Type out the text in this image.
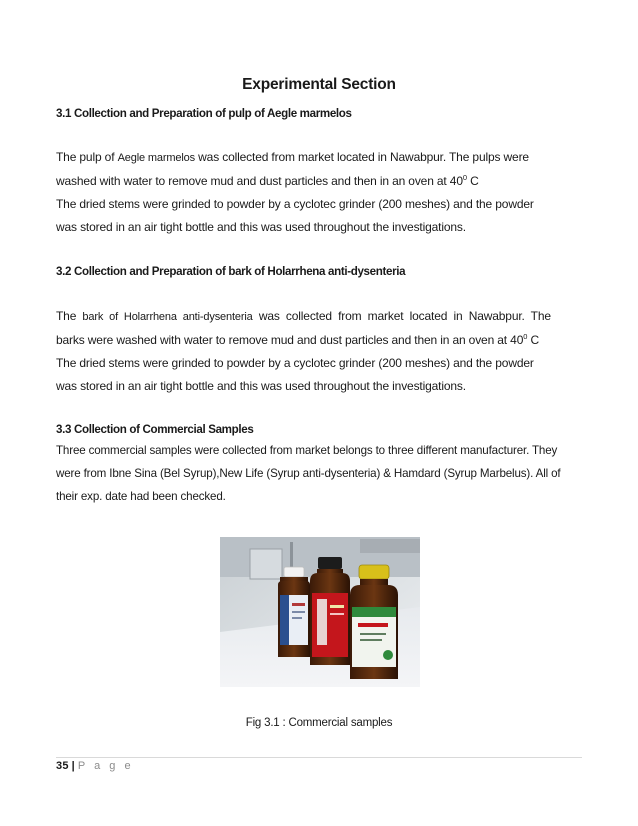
Experimental Section
3.1 Collection and Preparation of pulp of Aegle marmelos
The pulp of Aegle marmelos was collected from market located in Nawabpur. The pulps were
washed with water to remove mud and dust particles and then in an oven at $40^0$ C
The dried stems were grinded to powder by a cyclotec grinder (200 meshes) and the powder
was stored in an air tight bottle and this was used throughout the investigations.
3.2 Collection and Preparation of bark of Holarrhena anti-dysenteria
The bark of Holarrhena anti-dysenteria was collected from market located in Nawabpur. The
barks were washed with water to remove mud and dust particles and then in an oven at $40^0$ C
The dried stems were grinded to powder by a cyclotec grinder (200 meshes) and the powder
was stored in an air tight bottle and this was used throughout the investigations.
3.3 Collection of Commercial Samples
Three commercial samples were collected from market belongs to three different manufacturer. They
were from Ibne Sina (Bel Syrup),New Life (Syrup anti-dysenteria) & Hamdard (Syrup Marbelus). All of
their exp. date had been checked.
Fig 3.1 : Commercial samples
35 | P a g e
